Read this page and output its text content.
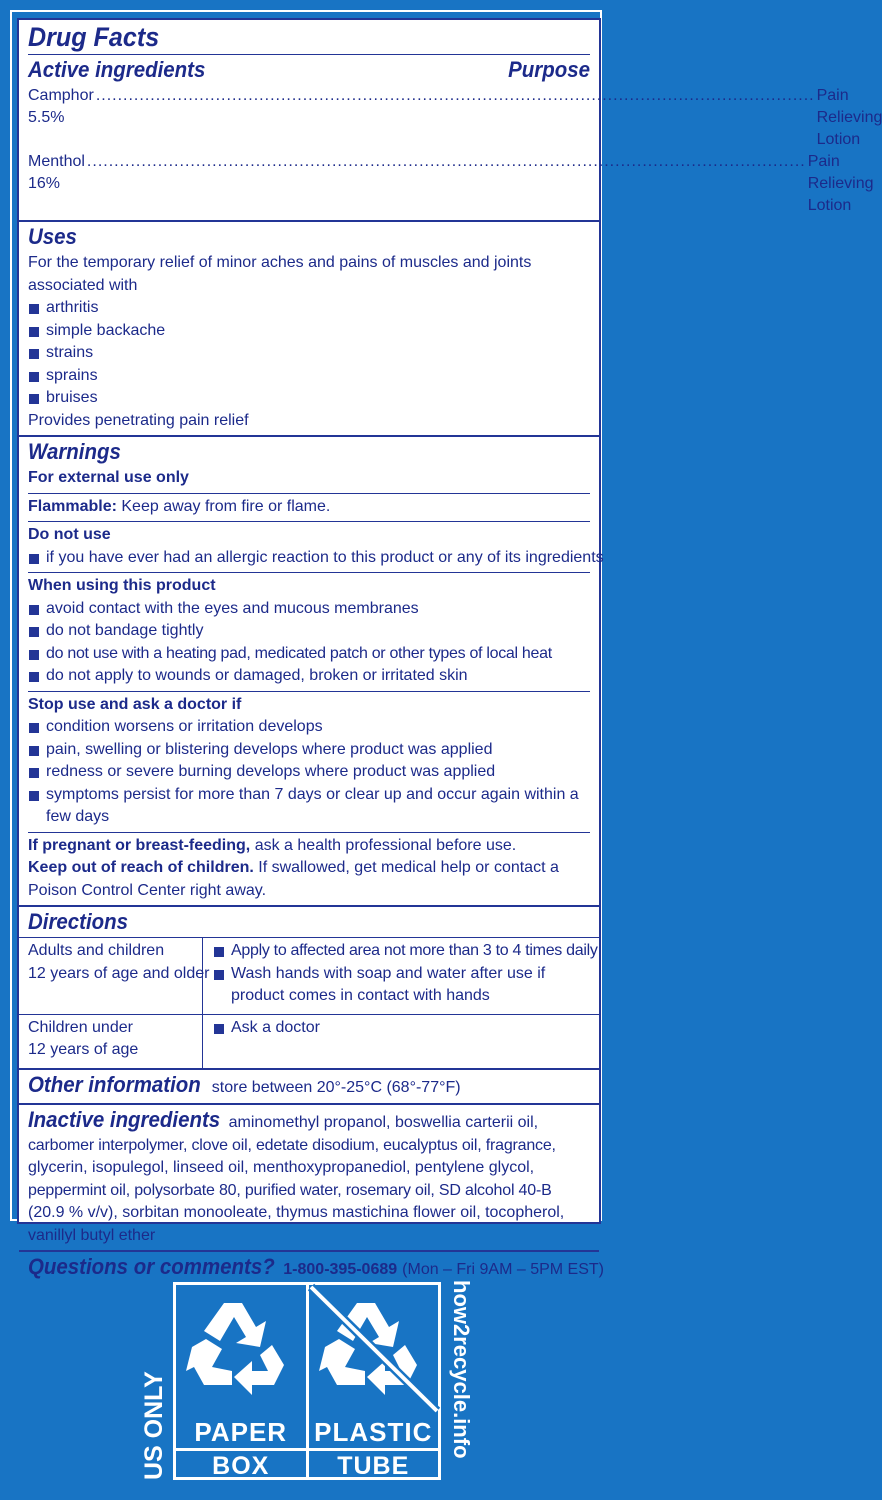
Drug Facts
Active ingredients	Purpose
Camphor 5.5%
.................................................................................................................................... Pain Relieving Lotion
Menthol 16%
.................................................................................................................................... Pain Relieving Lotion
Uses
For the temporary relief of minor aches and pains of muscles and joints
associated with
arthritis
simple backache
strains
sprains
bruises
Provides penetrating pain relief
Warnings
For external use only
Flammable: Keep away from fire or flame.
Do not use
if you have ever had an allergic reaction to this product or any of its ingredients
When using this product
avoid contact with the eyes and mucous membranes
do not bandage tightly
do not use with a heating pad, medicated patch or other types of local heat
do not apply to wounds or damaged, broken or irritated skin
Stop use and ask a doctor if
condition worsens or irritation develops
pain, swelling or blistering develops where product was applied
redness or severe burning develops where product was applied
symptoms persist for more than 7 days or clear up and occur again within a few days
If pregnant or breast-feeding, ask a health professional before use.
Keep out of reach of children. If swallowed, get medical help or contact a
Poison Control Center right away.
Directions
Adults and children
12 years of age and older
Apply to affected area not more than 3 to 4 times daily
Wash hands with soap and water after use if product comes in contact with hands
Children under
12 years of age
Ask a doctor
Other information store between 20°-25°C (68°-77°F)
Inactive ingredients aminomethyl propanol, boswellia carterii oil,
carbomer interpolymer, clove oil, edetate disodium, eucalyptus oil, fragrance,
glycerin, isopulegol, linseed oil, menthoxypropanediol, pentylene glycol,
peppermint oil, polysorbate 80, purified water, rosemary oil, SD alcohol 40-B
(20.9 % v/v), sorbitan monooleate, thymus mastichina flower oil, tocopherol,
vanillyl butyl ether
Questions or comments? 1-800-395-0689 (Mon – Fri 9AM – 5PM EST)
US ONLY	how2recycle.info
PAPER
BOX
PLASTIC
TUBE
